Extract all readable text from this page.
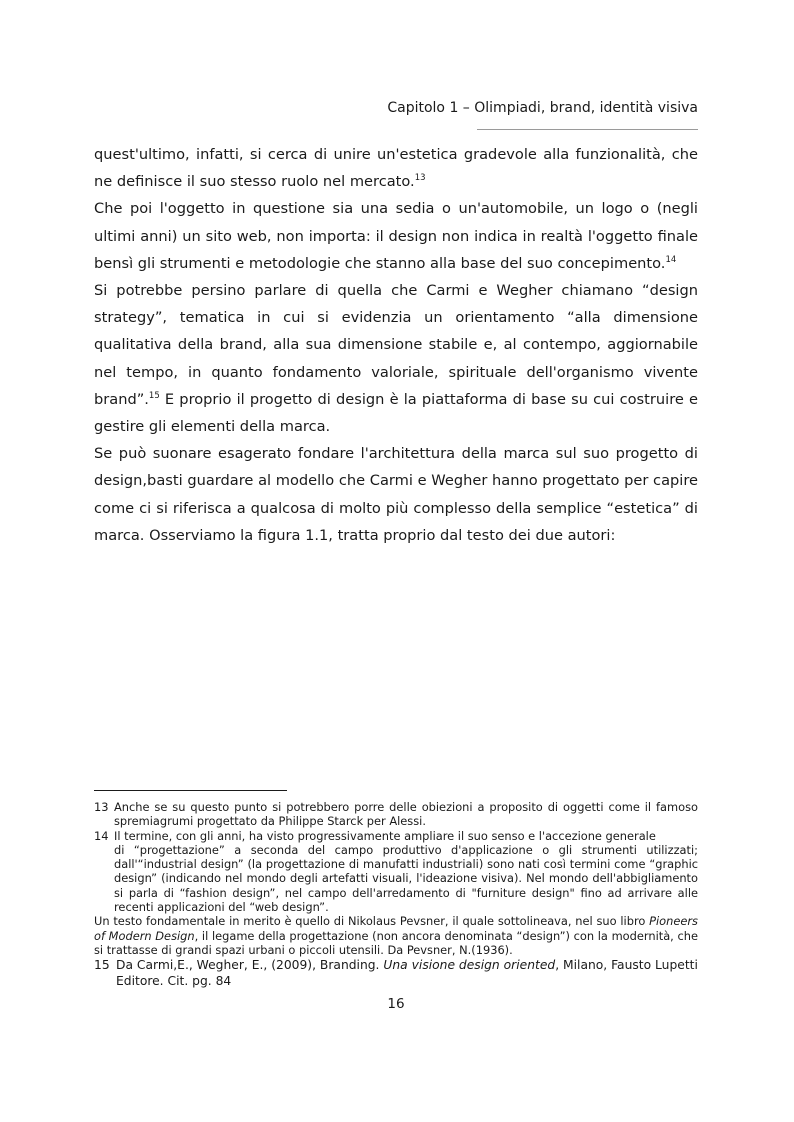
Capitolo 1 – Olimpiadi, brand, identità visiva

quest'ultimo, infatti, si cerca di unire un'estetica gradevole alla funzionalità, che ne definisce il suo stesso ruolo nel mercato.$^{13}$

Che poi l'oggetto in questione sia una sedia o un'automobile, un logo o (negli ultimi anni) un sito web, non importa: il design non indica in realtà l'oggetto finale bensì gli strumenti e metodologie che stanno alla base del suo concepimento.$^{14}$

Si potrebbe persino parlare di quella che Carmi e Wegher chiamano “design strategy”, tematica in cui si evidenzia un orientamento “alla dimensione qualitativa della brand, alla sua dimensione stabile e, al contempo, aggiornabile nel tempo, in quanto fondamento valoriale, spirituale dell'organismo vivente brand”.$^{15}$ E proprio il progetto di design è la piattaforma di base su cui costruire e gestire gli elementi della marca.

Se può suonare esagerato fondare l'architettura della marca sul suo progetto di design,basti guardare al modello che Carmi e Wegher hanno progettato per capire come ci si riferisca a qualcosa di molto più complesso della semplice “estetica” di marca. Osserviamo la figura 1.1, tratta proprio dal testo dei due autori:

13 Anche se su questo punto si potrebbero porre delle obiezioni a proposito di oggetti come il famoso spremiagrumi progettato da Philippe Starck per Alessi.
14 Il termine, con gli anni, ha visto progressivamente ampliare il suo senso e l'accezione generale
di “progettazione” a seconda del campo produttivo d'applicazione o gli strumenti utilizzati; dall'“industrial design” (la progettazione di manufatti industriali) sono nati così termini come “graphic design” (indicando nel mondo degli artefatti visuali, l'ideazione visiva). Nel mondo dell'abbigliamento si parla di “fashion design”, nel campo dell'arredamento di "furniture design" fino ad arrivare alle recenti applicazioni del “web design”.
Un testo fondamentale in merito è quello di Nikolaus Pevsner, il quale sottolineava, nel suo libro Pioneers of Modern Design, il legame della progettazione (non ancora denominata “design”) con la modernità, che si trattasse di grandi spazi urbani o piccoli utensili. Da Pevsner, N.(1936).
15 Da Carmi,E., Wegher, E., (2009), Branding. Una visione design oriented, Milano, Fausto Lupetti Editore. Cit. pg. 84
16
